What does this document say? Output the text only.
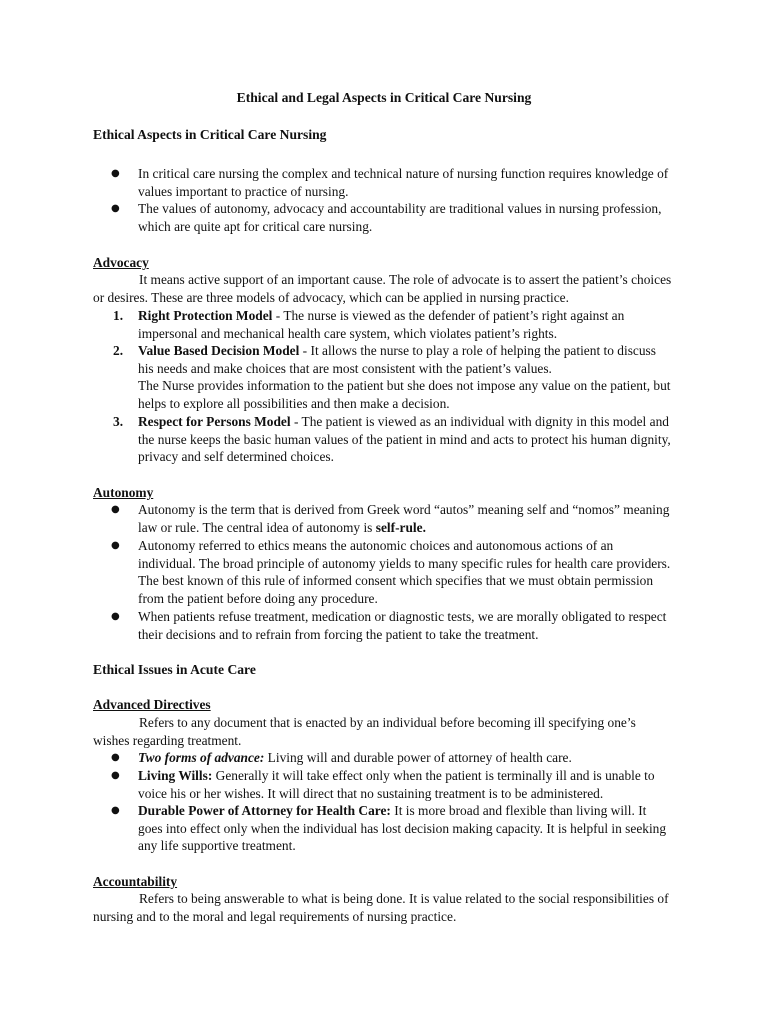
Ethical and Legal Aspects in Critical Care Nursing
Ethical Aspects in Critical Care Nursing
● In critical care nursing the complex and technical nature of nursing function requires knowledge of values important to practice of nursing.
● The values of autonomy, advocacy and accountability are traditional values in nursing profession, which are quite apt for critical care nursing.
Advocacy
It means active support of an important cause. The role of advocate is to assert the patient’s choices or desires. These are three models of advocacy, which can be applied in nursing practice.
1. Right Protection Model - The nurse is viewed as the defender of patient’s right against an impersonal and mechanical health care system, which violates patient’s rights.
2. Value Based Decision Model - It allows the nurse to play a role of helping the patient to discuss his needs and make choices that are most consistent with the patient’s values.
The Nurse provides information to the patient but she does not impose any value on the patient, but helps to explore all possibilities and then make a decision.
3. Respect for Persons Model - The patient is viewed as an individual with dignity in this model and the nurse keeps the basic human values of the patient in mind and acts to protect his human dignity, privacy and self determined choices.
Autonomy
● Autonomy is the term that is derived from Greek word “autos” meaning self and “nomos” meaning law or rule. The central idea of autonomy is self-rule.
● Autonomy referred to ethics means the autonomic choices and autonomous actions of an individual. The broad principle of autonomy yields to many specific rules for health care providers. The best known of this rule of informed consent which specifies that we must obtain permission from the patient before doing any procedure.
● When patients refuse treatment, medication or diagnostic tests, we are morally obligated to respect their decisions and to refrain from forcing the patient to take the treatment.
Ethical Issues in Acute Care
Advanced Directives
Refers to any document that is enacted by an individual before becoming ill specifying one’s wishes regarding treatment.
● Two forms of advance: Living will and durable power of attorney of health care.
● Living Wills: Generally it will take effect only when the patient is terminally ill and is unable to voice his or her wishes. It will direct that no sustaining treatment is to be administered.
● Durable Power of Attorney for Health Care: It is more broad and flexible than living will. It goes into effect only when the individual has lost decision making capacity. It is helpful in seeking any life supportive treatment.
Accountability
Refers to being answerable to what is being done. It is value related to the social responsibilities of nursing and to the moral and legal requirements of nursing practice.
